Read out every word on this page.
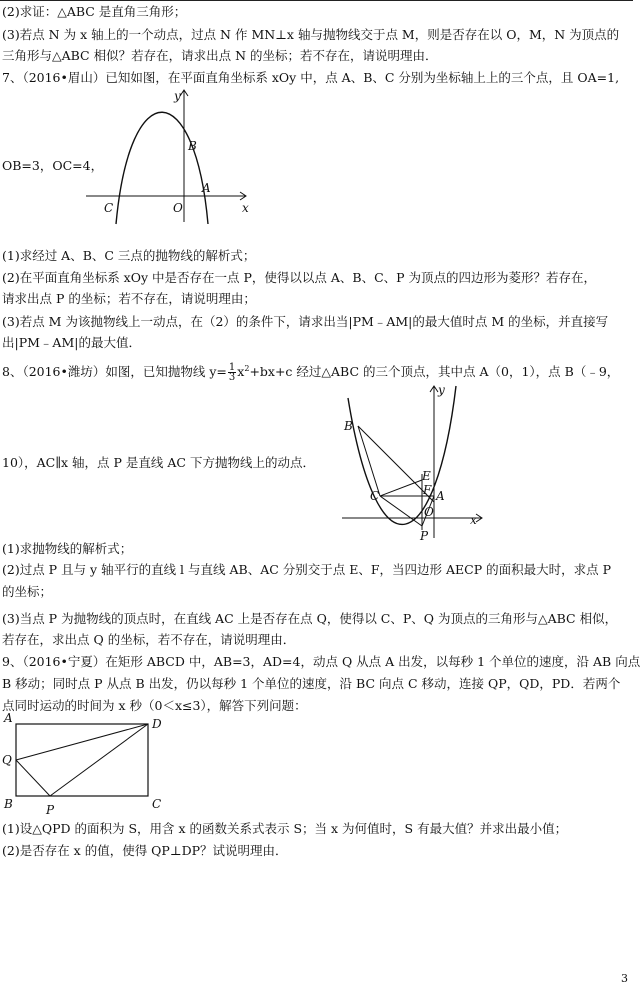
(2)求证：△ABC 是直角三角形；
(3)若点 N 为 x 轴上的一个动点，过点 N 作 MN⊥x 轴与抛物线交于点 M，则是否存在以 O，M，N 为顶点的
三角形与△ABC 相似？若存在，请求出点 N 的坐标；若不存在，请说明理由．
7、（2016•眉山）已知如图，在平面直角坐标系 xOy 中，点 A、B、C 分别为坐标轴上上的三个点，且 OA=1,
y
x
B
A
C	O
OB=3，OC=4，
(1)求经过 A、B、C 三点的抛物线的解析式；
(2)在平面直角坐标系 xOy 中是否存在一点 P，使得以以点 A、B、C、P 为顶点的四边形为菱形？若存在，
请求出点 P 的坐标；若不存在，请说明理由；
(3)若点 M 为该抛物线上一动点，在（2）的条件下，请求出当|PM﹣AM|的最大值时点 M 的坐标，并直接写
出|PM﹣AM|的最大值．
8、（2016•潍坊）如图，已知抛物线 $y= \frac{1}{3} x^2+bx+c$ 经过△ABC 的三个顶点，其中点 A（0，1），点 B（﹣9，
y
x
B
E
C	F A
O
P
10），AC∥x 轴，点 P 是直线 AC 下方抛物线上的动点．
(1)求抛物线的解析式；
(2)过点 P 且与 y 轴平行的直线 l 与直线 AB、AC 分别交于点 E、F，当四边形 AECP 的面积最大时，求点 P
的坐标；
(3)当点 P 为抛物线的顶点时，在直线 AC 上是否存在点 Q，使得以 C、P、Q 为顶点的三角形与△ABC 相似，
若存在，求出点 Q 的坐标，若不存在，请说明理由．
9、（2016•宁夏）在矩形 ABCD 中，AB=3，AD=4，动点 Q 从点 A 出发，以每秒 1 个单位的速度，沿 AB 向点
B 移动；同时点 P 从点 B 出发，仍以每秒 1 个单位的速度，沿 BC 向点 C 移动，连接 QP，QD，PD．若两个
点同时运动的时间为 x 秒（0＜x≤3），解答下列问题：
A	D
Q
B	P	C
(1)设△QPD 的面积为 S，用含 x 的函数关系式表示 S；当 x 为何值时，S 有最大值？并求出最小值；
(2)是否存在 x 的值，使得 QP⊥DP？试说明理由．
3
